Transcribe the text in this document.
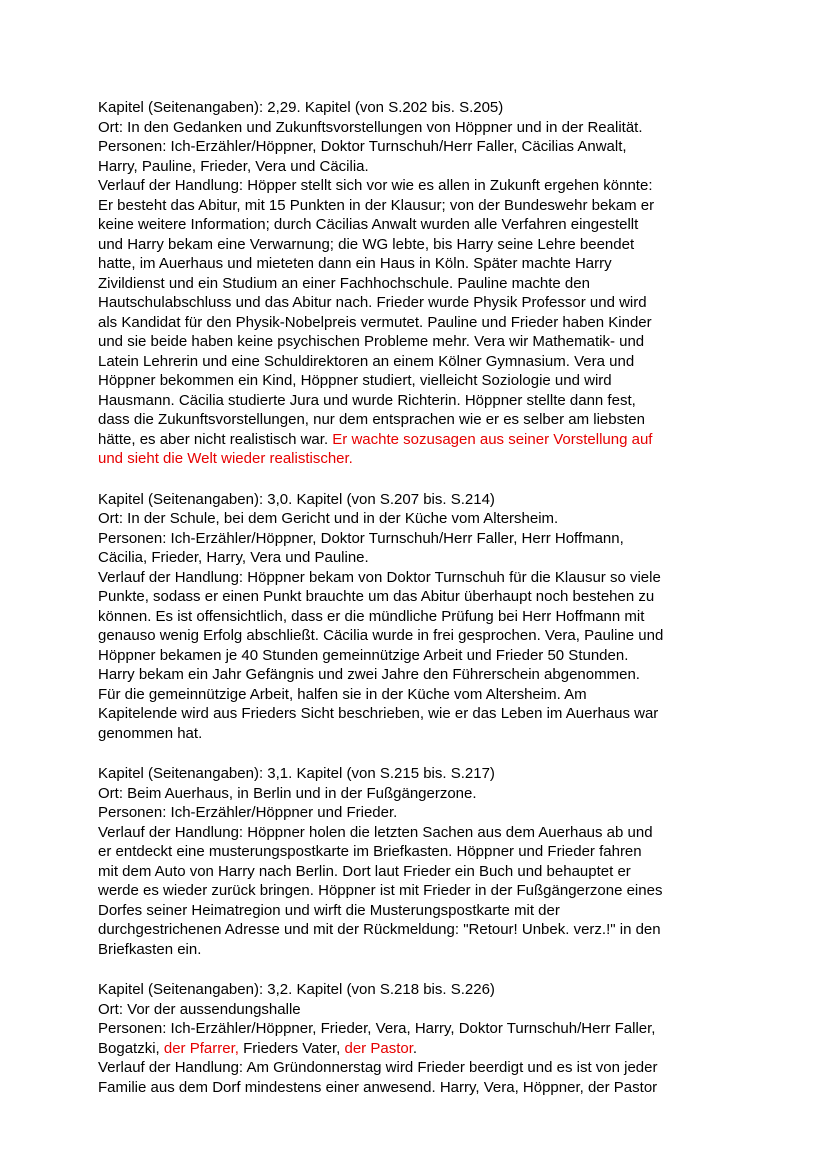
Kapitel (Seitenangaben): 2,29. Kapitel (von S.202 bis. S.205)
Ort: In den Gedanken und Zukunftsvorstellungen von Höppner und in der Realität.
Personen: Ich-Erzähler/Höppner, Doktor Turnschuh/Herr Faller, Cäcilias Anwalt,
Harry, Pauline, Frieder, Vera und Cäcilia.
Verlauf der Handlung: Höpper stellt sich vor wie es allen in Zukunft ergehen könnte:
Er besteht das Abitur, mit 15 Punkten in der Klausur; von der Bundeswehr bekam er
keine weitere Information; durch Cäcilias Anwalt wurden alle Verfahren eingestellt
und Harry bekam eine Verwarnung; die WG lebte, bis Harry seine Lehre beendet
hatte, im Auerhaus und mieteten dann ein Haus in Köln. Später machte Harry
Zivildienst und ein Studium an einer Fachhochschule. Pauline machte den
Hautschulabschluss und das Abitur nach. Frieder wurde Physik Professor und wird
als Kandidat für den Physik-Nobelpreis vermutet. Pauline und Frieder haben Kinder
und sie beide haben keine psychischen Probleme mehr. Vera wir Mathematik- und
Latein Lehrerin und eine Schuldirektoren an einem Kölner Gymnasium. Vera und
Höppner bekommen ein Kind, Höppner studiert, vielleicht Soziologie und wird
Hausmann. Cäcilia studierte Jura und wurde Richterin. Höppner stellte dann fest,
dass die Zukunftsvorstellungen, nur dem entsprachen wie er es selber am liebsten
hätte, es aber nicht realistisch war. Er wachte sozusagen aus seiner Vorstellung auf
und sieht die Welt wieder realistischer.
Kapitel (Seitenangaben): 3,0. Kapitel (von S.207 bis. S.214)
Ort: In der Schule, bei dem Gericht und in der Küche vom Altersheim.
Personen: Ich-Erzähler/Höppner, Doktor Turnschuh/Herr Faller, Herr Hoffmann,
Cäcilia, Frieder, Harry, Vera und Pauline.
Verlauf der Handlung: Höppner bekam von Doktor Turnschuh für die Klausur so viele
Punkte, sodass er einen Punkt brauchte um das Abitur überhaupt noch bestehen zu
können. Es ist offensichtlich, dass er die mündliche Prüfung bei Herr Hoffmann mit
genauso wenig Erfolg abschließt. Cäcilia wurde in frei gesprochen. Vera, Pauline und
Höppner bekamen je 40 Stunden gemeinnützige Arbeit und Frieder 50 Stunden.
Harry bekam ein Jahr Gefängnis und zwei Jahre den Führerschein abgenommen.
Für die gemeinnützige Arbeit, halfen sie in der Küche vom Altersheim. Am
Kapitelende wird aus Frieders Sicht beschrieben, wie er das Leben im Auerhaus war
genommen hat.
Kapitel (Seitenangaben): 3,1. Kapitel (von S.215 bis. S.217)
Ort: Beim Auerhaus, in Berlin und in der Fußgängerzone.
Personen: Ich-Erzähler/Höppner und Frieder.
Verlauf der Handlung: Höppner holen die letzten Sachen aus dem Auerhaus ab und
er entdeckt eine musterungspostkarte im Briefkasten. Höppner und Frieder fahren
mit dem Auto von Harry nach Berlin. Dort laut Frieder ein Buch und behauptet er
werde es wieder zurück bringen. Höppner ist mit Frieder in der Fußgängerzone eines
Dorfes seiner Heimatregion und wirft die Musterungspostkarte mit der
durchgestrichenen Adresse und mit der Rückmeldung: "Retour! Unbek. verz.!" in den
Briefkasten ein.
Kapitel (Seitenangaben): 3,2. Kapitel (von S.218 bis. S.226)
Ort: Vor der aussendungshalle
Personen: Ich-Erzähler/Höppner, Frieder, Vera, Harry, Doktor Turnschuh/Herr Faller,
Bogatzki, der Pfarrer, Frieders Vater, der Pastor.
Verlauf der Handlung: Am Gründonnerstag wird Frieder beerdigt und es ist von jeder
Familie aus dem Dorf mindestens einer anwesend. Harry, Vera, Höppner, der Pastor
